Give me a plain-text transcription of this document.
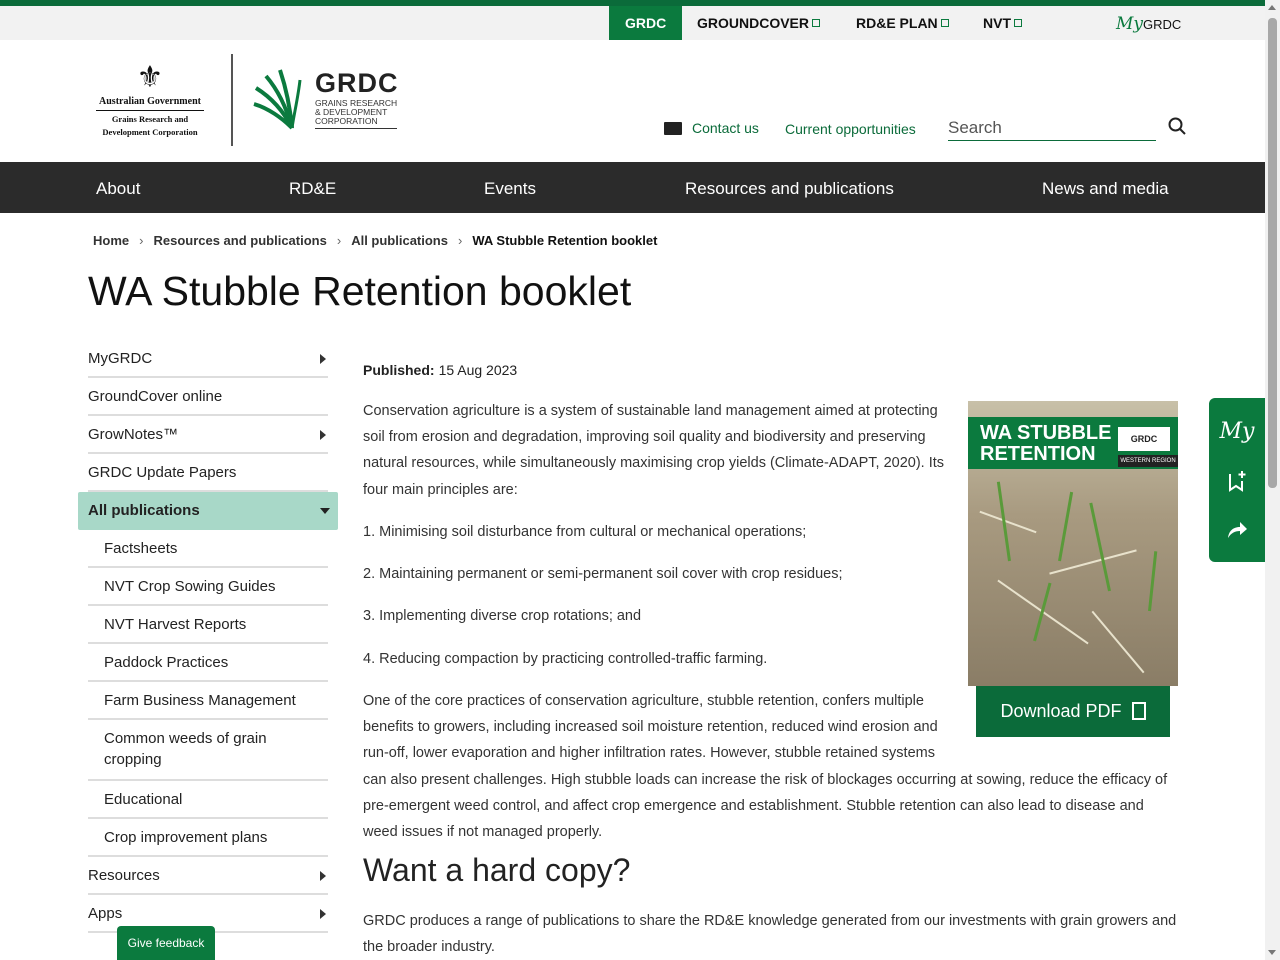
GRDC	GROUNDCOVER	RD&E PLAN	NVT	MyGRDC
⚜
Australian Government
Grains Research and
Development Corporation
GRDC
GRAINS RESEARCH
& DEVELOPMENT
CORPORATION	Contact us Current opportunities
Search
About	RD&E	Events	Resources and publications	News and media
Home › Resources and publications › All publications › WA Stubble Retention booklet
WA Stubble Retention booklet
MyGRDC
GroundCover online
GrowNotes™
GRDC Update Papers
All publications
Factsheets
NVT Crop Sowing Guides
NVT Harvest Reports
Paddock Practices
Farm Business Management
Common weeds of grain cropping
Educational
Crop improvement plans
Resources
Apps
Published: 15 Aug 2023
Conservation agriculture is a system of sustainable land management aimed at protecting soil from erosion and degradation, improving soil quality and biodiversity and preserving natural resources, while simultaneously maximising crop yields (Climate-ADAPT, 2020). Its four main principles are:
1. Minimising soil disturbance from cultural or mechanical operations;
2. Maintaining permanent or semi-permanent soil cover with crop residues;
3. Implementing diverse crop rotations; and
4. Reducing compaction by practicing controlled-traffic farming.
One of the core practices of conservation agriculture, stubble retention, confers multiple benefits to growers, including increased soil moisture retention, reduced wind erosion and run-off, lower evaporation and higher infiltration rates. However, stubble retained systems can also present challenges. High stubble loads can increase the risk of blockages occurring at sowing, reduce the efficacy of pre-emergent weed control, and affect crop emergence and establishment. Stubble retention can also lead to disease and weed issues if not managed properly.
WA STUBBLE
RETENTION
GRDC
WESTERN REGION
Download PDF
Want a hard copy?
GRDC produces a range of publications to share the RD&E knowledge generated from our investments with grain growers and the broader industry.
My
Give feedback
